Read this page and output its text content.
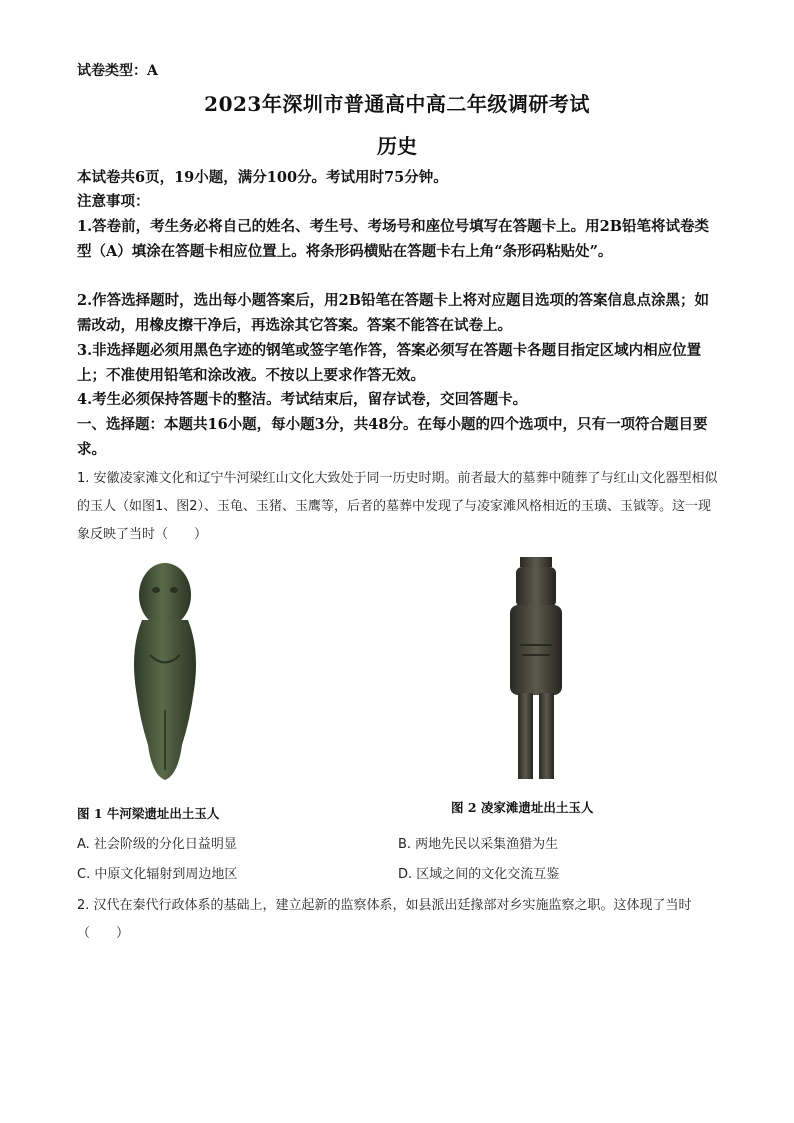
试卷类型：A
2023年深圳市普通高中高二年级调研考试
历史
本试卷共6页，19小题，满分100分。考试用时75分钟。
注意事项：
1.答卷前，考生务必将自己的姓名、考生号、考场号和座位号填写在答题卡上。用2B铅笔将试卷类型（A）填涂在答题卡相应位置上。将条形码横贴在答题卡右上角“条形码粘贴处”。
2.作答选择题时，选出每小题答案后，用2B铅笔在答题卡上将对应题目选项的答案信息点涂黑；如需改动，用橡皮擦干净后，再选涂其它答案。答案不能答在试卷上。
3.非选择题必须用黑色字迹的钢笔或签字笔作答，答案必须写在答题卡各题目指定区域内相应位置上；不准使用铅笔和涂改液。不按以上要求作答无效。
4.考生必须保持答题卡的整洁。考试结束后，留存试卷，交回答题卡。
一、选择题：本题共16小题，每小题3分，共48分。在每小题的四个选项中，只有一项符合题目要求。
1. 安徽凌家滩文化和辽宁牛河梁红山文化大致处于同一历史时期。前者最大的墓葬中随葬了与红山文化器型相似的玉人（如图1、图2）、玉龟、玉猪、玉鹰等，后者的墓葬中发现了与凌家滩风格相近的玉璜、玉钺等。这一现象反映了当时（　　）
图 1 牛河梁遗址出土玉人	图 2 凌家滩遗址出土玉人
A. 社会阶级的分化日益明显	B. 两地先民以采集渔猎为生
C. 中原文化辐射到周边地区	D. 区域之间的文化交流互鉴
2. 汉代在秦代行政体系的基础上，建立起新的监察体系，如县派出廷掾部对乡实施监察之职。这体现了当时（　　）
